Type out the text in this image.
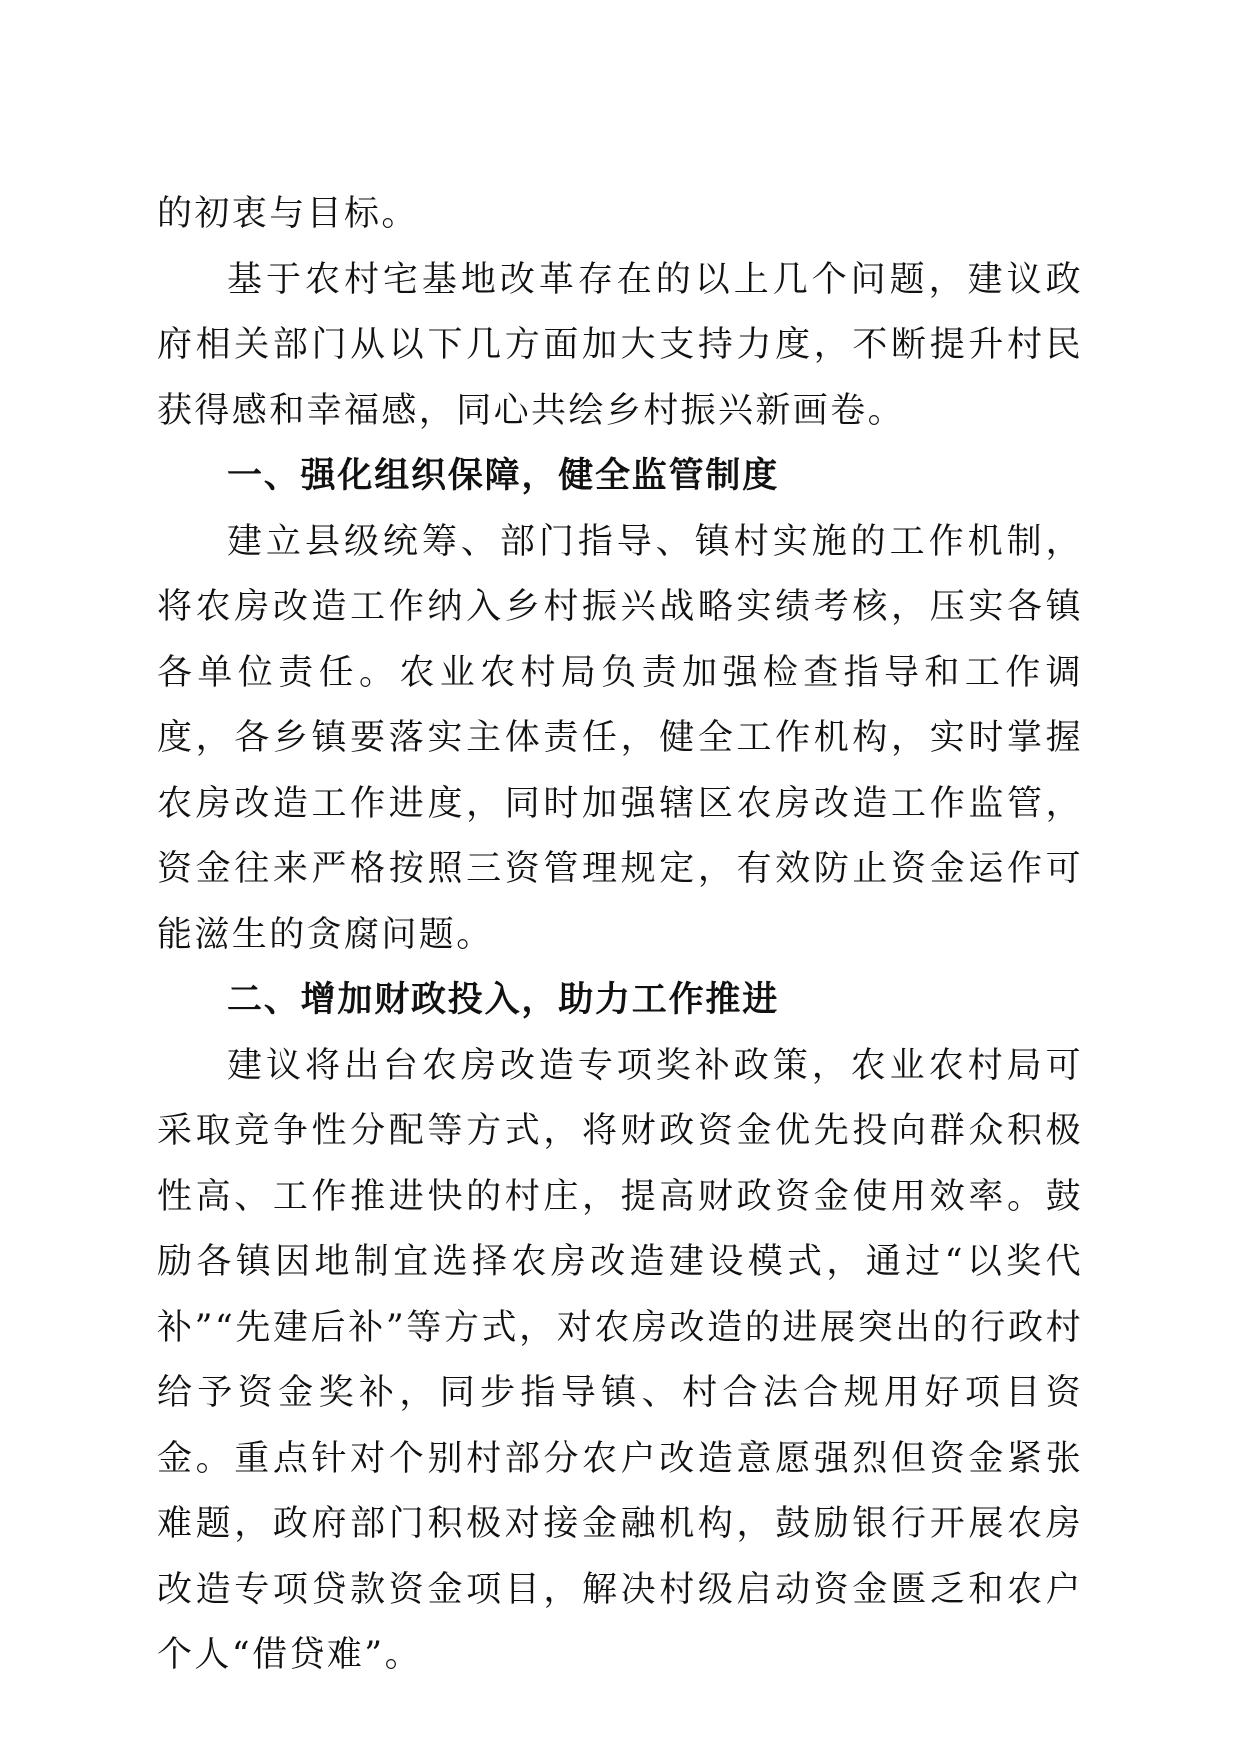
的初衷与目标。

基于农村宅基地改革存在的以上几个问题，建议政府相关部门从以下几方面加大支持力度，不断提升村民获得感和幸福感，同心共绘乡村振兴新画卷。

一、强化组织保障，健全监管制度

建立县级统筹、部门指导、镇村实施的工作机制，将农房改造工作纳入乡村振兴战略实绩考核，压实各镇各单位责任。农业农村局负责加强检查指导和工作调度，各乡镇要落实主体责任，健全工作机构，实时掌握农房改造工作进度，同时加强辖区农房改造工作监管，资金往来严格按照三资管理规定，有效防止资金运作可能滋生的贪腐问题。

二、增加财政投入，助力工作推进

建议将出台农房改造专项奖补政策，农业农村局可采取竞争性分配等方式，将财政资金优先投向群众积极性高、工作推进快的村庄，提高财政资金使用效率。鼓励各镇因地制宜选择农房改造建设模式，通过“以奖代补”“先建后补”等方式，对农房改造的进展突出的行政村给予资金奖补，同步指导镇、村合法合规用好项目资金。重点针对个别村部分农户改造意愿强烈但资金紧张难题，政府部门积极对接金融机构，鼓励银行开展农房改造专项贷款资金项目，解决村级启动资金匮乏和农户个人“借贷难”。
